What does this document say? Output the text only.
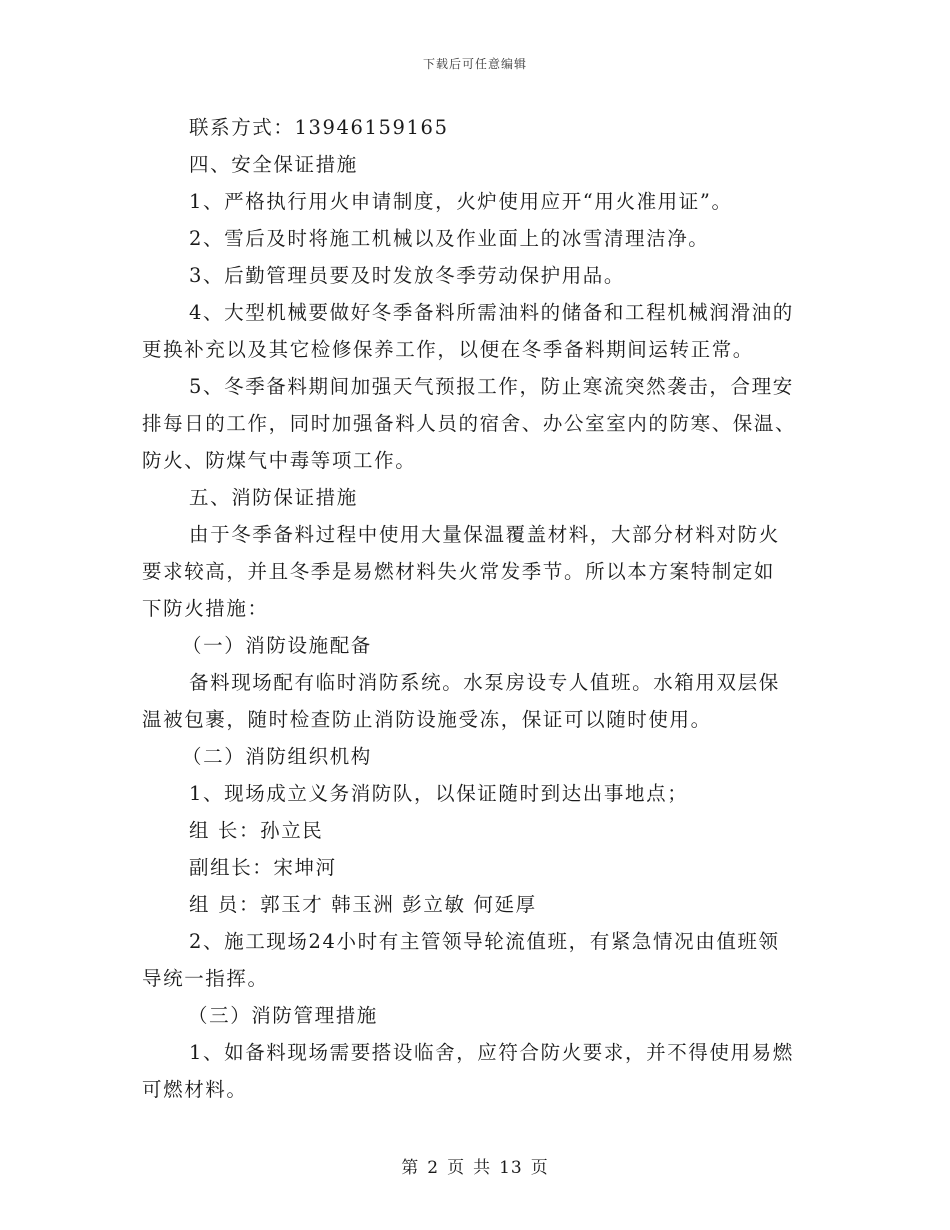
下载后可任意编辑
联系方式：13946159165
四、安全保证措施
1、严格执行用火申请制度，火炉使用应开“用火准用证”。
2、雪后及时将施工机械以及作业面上的冰雪清理洁净。
3、后勤管理员要及时发放冬季劳动保护用品。
4、大型机械要做好冬季备料所需油料的储备和工程机械润滑油的
更换补充以及其它检修保养工作，以便在冬季备料期间运转正常。
5、冬季备料期间加强天气预报工作，防止寒流突然袭击，合理安
排每日的工作，同时加强备料人员的宿舍、办公室室内的防寒、保温、
防火、防煤气中毒等项工作。
五、消防保证措施
由于冬季备料过程中使用大量保温覆盖材料，大部分材料对防火
要求较高，并且冬季是易燃材料失火常发季节。所以本方案特制定如
下防火措施：
（一）消防设施配备
备料现场配有临时消防系统。水泵房设专人值班。水箱用双层保
温被包裹，随时检查防止消防设施受冻，保证可以随时使用。
（二）消防组织机构
1、现场成立义务消防队，以保证随时到达出事地点；
组 长：孙立民
副组长：宋坤河
组 员：郭玉才 韩玉洲 彭立敏 何延厚
2、施工现场24小时有主管领导轮流值班，有紧急情况由值班领
导统一指挥。
（三）消防管理措施
1、如备料现场需要搭设临舍，应符合防火要求，并不得使用易燃
可燃材料。
第 2 页 共 13 页
